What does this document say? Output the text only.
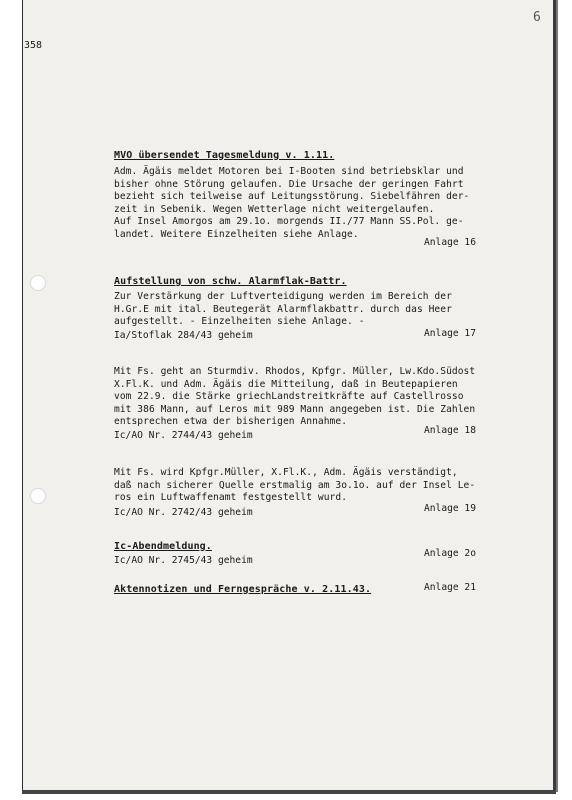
358
6
MVO übersendet Tagesmeldung v. 1.11.
Adm. Ägäis meldet Motoren bei I-Booten sind betriebsklar und
bisher ohne Störung gelaufen. Die Ursache der geringen Fahrt
bezieht sich teilweise auf Leitungsstörung. Siebelfähren der-
zeit in Sebenik. Wegen Wetterlage nicht weitergelaufen.
Auf Insel Amorgos am 29.1o. morgends II./77 Mann SS.Pol. ge-
landet. Weitere Einzelheiten siehe Anlage.
Anlage 16
Aufstellung von schw. Alarmflak-Battr.
Zur Verstärkung der Luftverteidigung werden im Bereich der
H.Gr.E mit ital. Beutegerät Alarmflakbattr. durch das Heer
aufgestellt. - Einzelheiten siehe Anlage. -
Ia/Stoflak 284/43 geheim	Anlage 17
Mit Fs. geht an Sturmdiv. Rhodos, Kpfgr. Müller, Lw.Kdo.Südost
X.Fl.K. und Adm. Ägäis die Mitteilung, daß in Beutepapieren
vom 22.9. die Stärke griechLandstreitkräfte auf Castellrosso
mit 386 Mann, auf Leros mit 989 Mann angegeben ist. Die Zahlen
entsprechen etwa der bisherigen Annahme.
Ic/AO Nr. 2744/43 geheim	Anlage 18
Mit Fs. wird Kpfgr.Müller, X.Fl.K., Adm. Ägäis verständigt,
daß nach sicherer Quelle erstmalig am 3o.1o. auf der Insel Le-
ros ein Luftwaffenamt festgestellt wurd.
Ic/AO Nr. 2742/43 geheim	Anlage 19
Ic-Abendmeldung.
Ic/AO Nr. 2745/43 geheim
Anlage 2o
Aktennotizen und Ferngespräche v. 2.11.43.	Anlage 21
